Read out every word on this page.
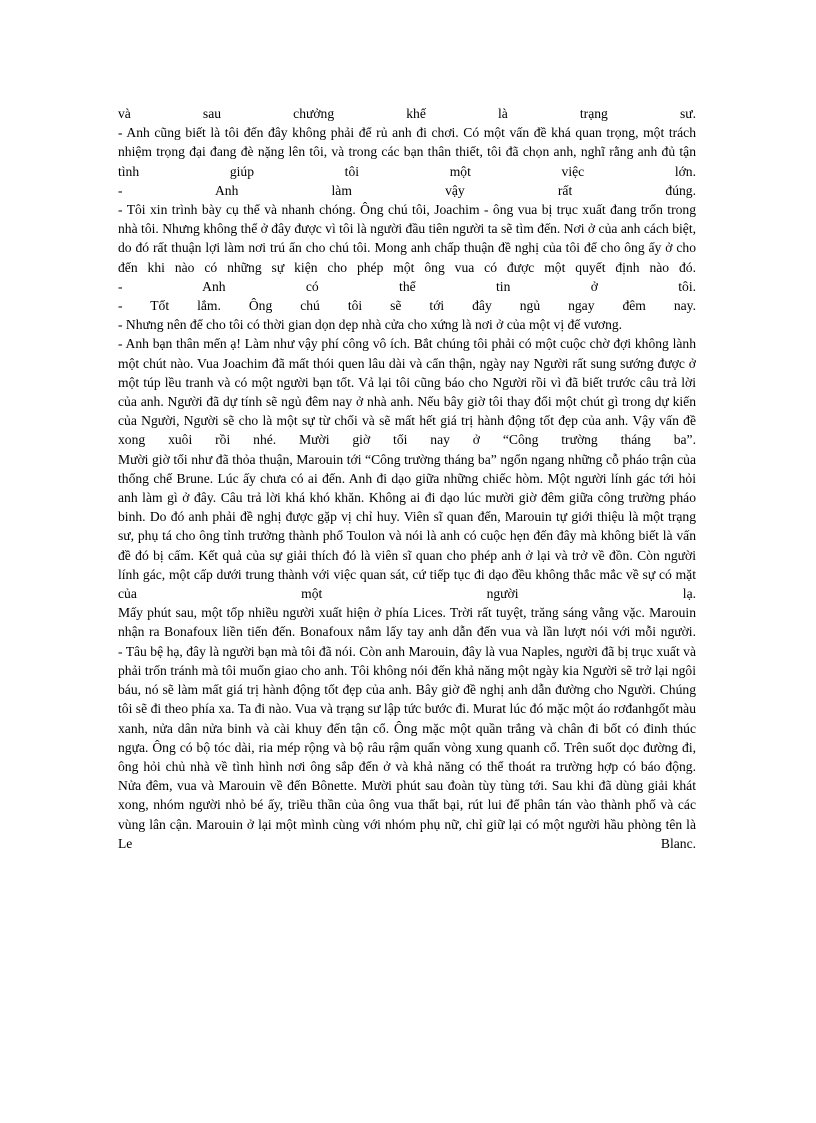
và sau chưởng khế là trạng sư.

- Anh cũng biết là tôi đến đây không phải để rủ anh đi chơi. Có một vấn đề khá quan trọng, một trách nhiệm trọng đại đang đè nặng lên tôi, và trong các bạn thân thiết, tôi đã chọn anh, nghĩ rằng anh đủ tận tình giúp tôi một việc lớn.

- Anh làm vậy rất đúng.

- Tôi xin trình bày cụ thể và nhanh chóng. Ông chú tôi, Joachim - ông vua bị trục xuất đang trốn trong nhà tôi. Nhưng không thể ở đây được vì tôi là người đầu tiên người ta sẽ tìm đến. Nơi ở của anh cách biệt, do đó rất thuận lợi làm nơi trú ẩn cho chú tôi. Mong anh chấp thuận đề nghị của tôi để cho ông ấy ở cho đến khi nào có những sự kiện cho phép một ông vua có được một quyết định nào đó.

- Anh có thể tin ở tôi.

- Tốt lắm. Ông chú tôi sẽ tới đây ngủ ngay đêm nay.

- Nhưng nên để cho tôi có thời gian dọn dẹp nhà cửa cho xứng là nơi ở của một vị đế vương.

- Anh bạn thân mến ạ! Làm như vậy phí công vô ích. Bắt chúng tôi phải có một cuộc chờ đợi không lành một chút nào. Vua Joachim đã mất thói quen lâu dài và cẩn thận, ngày nay Người rất sung sướng được ở một túp lều tranh và có một người bạn tốt. Vả lại tôi cũng báo cho Người rồi vì đã biết trước câu trả lời của anh. Người đã dự tính sẽ ngủ đêm nay ở nhà anh. Nếu bây giờ tôi thay đổi một chút gì trong dự kiến của Người, Người sẽ cho là một sự từ chối và sẽ mất hết giá trị hành động tốt đẹp của anh. Vậy vấn đề xong xuôi rồi nhé. Mười giờ tối nay ở “Công trường tháng ba”.

Mười giờ tối như đã thỏa thuận, Marouin tới “Công trường tháng ba” ngổn ngang những cỗ pháo trận của thống chế Brune. Lúc ấy chưa có ai đến. Anh đi dạo giữa những chiếc hòm. Một người lính gác tới hỏi anh làm gì ở đây. Câu trả lời khá khó khăn. Không ai đi dạo lúc mười giờ đêm giữa công trường pháo binh. Do đó anh phải đề nghị được gặp vị chỉ huy. Viên sĩ quan đến, Marouin tự giới thiệu là một trạng sư, phụ tá cho ông tỉnh trưởng thành phố Toulon và nói là anh có cuộc hẹn đến đây mà không biết là vấn đề đó bị cấm. Kết quả của sự giải thích đó là viên sĩ quan cho phép anh ở lại và trở về đồn. Còn người lính gác, một cấp dưới trung thành với việc quan sát, cứ tiếp tục đi dạo đều không thắc mắc về sự có mặt của một người lạ.

Mấy phút sau, một tốp nhiều người xuất hiện ở phía Lices. Trời rất tuyệt, trăng sáng vằng vặc. Marouin nhận ra Bonafoux liền tiến đến. Bonafoux nắm lấy tay anh dẫn đến vua và lần lượt nói với mỗi người.

- Tâu bệ hạ, đây là người bạn mà tôi đã nói. Còn anh Marouin, đây là vua Naples, người đã bị trục xuất và phải trốn tránh mà tôi muốn giao cho anh. Tôi không nói đến khả năng một ngày kia Người sẽ trở lại ngôi báu, nó sẽ làm mất giá trị hành động tốt đẹp của anh. Bây giờ đề nghị anh dẫn đường cho Người. Chúng tôi sẽ đi theo phía xa. Ta đi nào. Vua và trạng sư lập tức bước đi. Murat lúc đó mặc một áo rơđanhgốt màu xanh, nửa dân nửa binh và cài khuy đến tận cổ. Ông mặc một quần trắng và chân đi bốt có đinh thúc ngựa. Ông có bộ tóc dài, ria mép rộng và bộ râu rậm quấn vòng xung quanh cổ. Trên suốt dọc đường đi, ông hỏi chủ nhà về tình hình nơi ông sắp đến ở và khả năng có thể thoát ra trường hợp có báo động.

Nửa đêm, vua và Marouin về đến Bônette. Mười phút sau đoàn tùy tùng tới. Sau khi đã dùng giải khát xong, nhóm người nhỏ bé ấy, triều thần của ông vua thất bại, rút lui để phân tán vào thành phố và các vùng lân cận. Marouin ở lại một mình cùng với nhóm phụ nữ, chỉ giữ lại có một người hầu phòng tên là Le Blanc.
